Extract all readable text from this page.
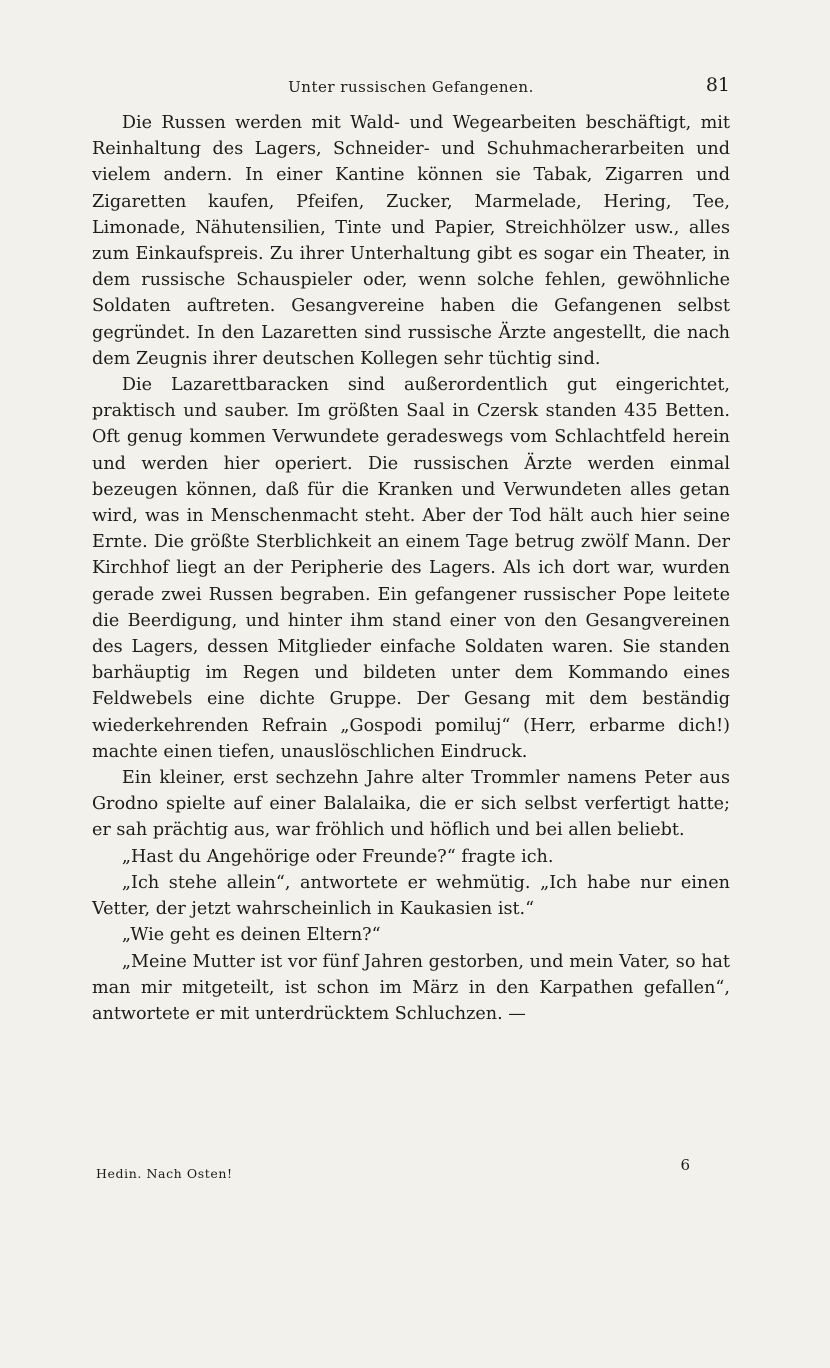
Unter russischen Gefangenen.	81

Die Russen werden mit Wald- und Wegearbeiten beschäftigt, mit Reinhaltung des Lagers, Schneider- und Schuhmacherarbeiten und vielem andern. In einer Kantine können sie Tabak, Zigarren und Zigaretten kaufen, Pfeifen, Zucker, Marmelade, Hering, Tee, Limonade, Nähutensilien, Tinte und Papier, Streichhölzer usw., alles zum Einkaufspreis. Zu ihrer Unterhaltung gibt es sogar ein Theater, in dem russische Schauspieler oder, wenn solche fehlen, gewöhnliche Soldaten auftreten. Gesangvereine haben die Gefangenen selbst gegründet. In den Lazaretten sind russische Ärzte angestellt, die nach dem Zeugnis ihrer deutschen Kollegen sehr tüchtig sind.

Die Lazarettbaracken sind außerordentlich gut eingerichtet, praktisch und sauber. Im größten Saal in Czersk standen 435 Betten. Oft genug kommen Verwundete geradeswegs vom Schlachtfeld herein und werden hier operiert. Die russischen Ärzte werden einmal bezeugen können, daß für die Kranken und Verwundeten alles getan wird, was in Menschenmacht steht. Aber der Tod hält auch hier seine Ernte. Die größte Sterblichkeit an einem Tage betrug zwölf Mann. Der Kirchhof liegt an der Peripherie des Lagers. Als ich dort war, wurden gerade zwei Russen begraben. Ein gefangener russischer Pope leitete die Beerdigung, und hinter ihm stand einer von den Gesangvereinen des Lagers, dessen Mitglieder einfache Soldaten waren. Sie standen barhäuptig im Regen und bildeten unter dem Kommando eines Feldwebels eine dichte Gruppe. Der Gesang mit dem beständig wiederkehrenden Refrain „Gospodi pomiluj“ (Herr, erbarme dich!) machte einen tiefen, unauslöschlichen Eindruck.

Ein kleiner, erst sechzehn Jahre alter Trommler namens Peter aus Grodno spielte auf einer Balalaika, die er sich selbst verfertigt hatte; er sah prächtig aus, war fröhlich und höflich und bei allen beliebt.

„Hast du Angehörige oder Freunde?“ fragte ich.

„Ich stehe allein“, antwortete er wehmütig. „Ich habe nur einen Vetter, der jetzt wahrscheinlich in Kaukasien ist.“

„Wie geht es deinen Eltern?“

„Meine Mutter ist vor fünf Jahren gestorben, und mein Vater, so hat man mir mitgeteilt, ist schon im März in den Karpathen gefallen“, antwortete er mit unterdrücktem Schluchzen. —

Hedin. Nach Osten!	6
